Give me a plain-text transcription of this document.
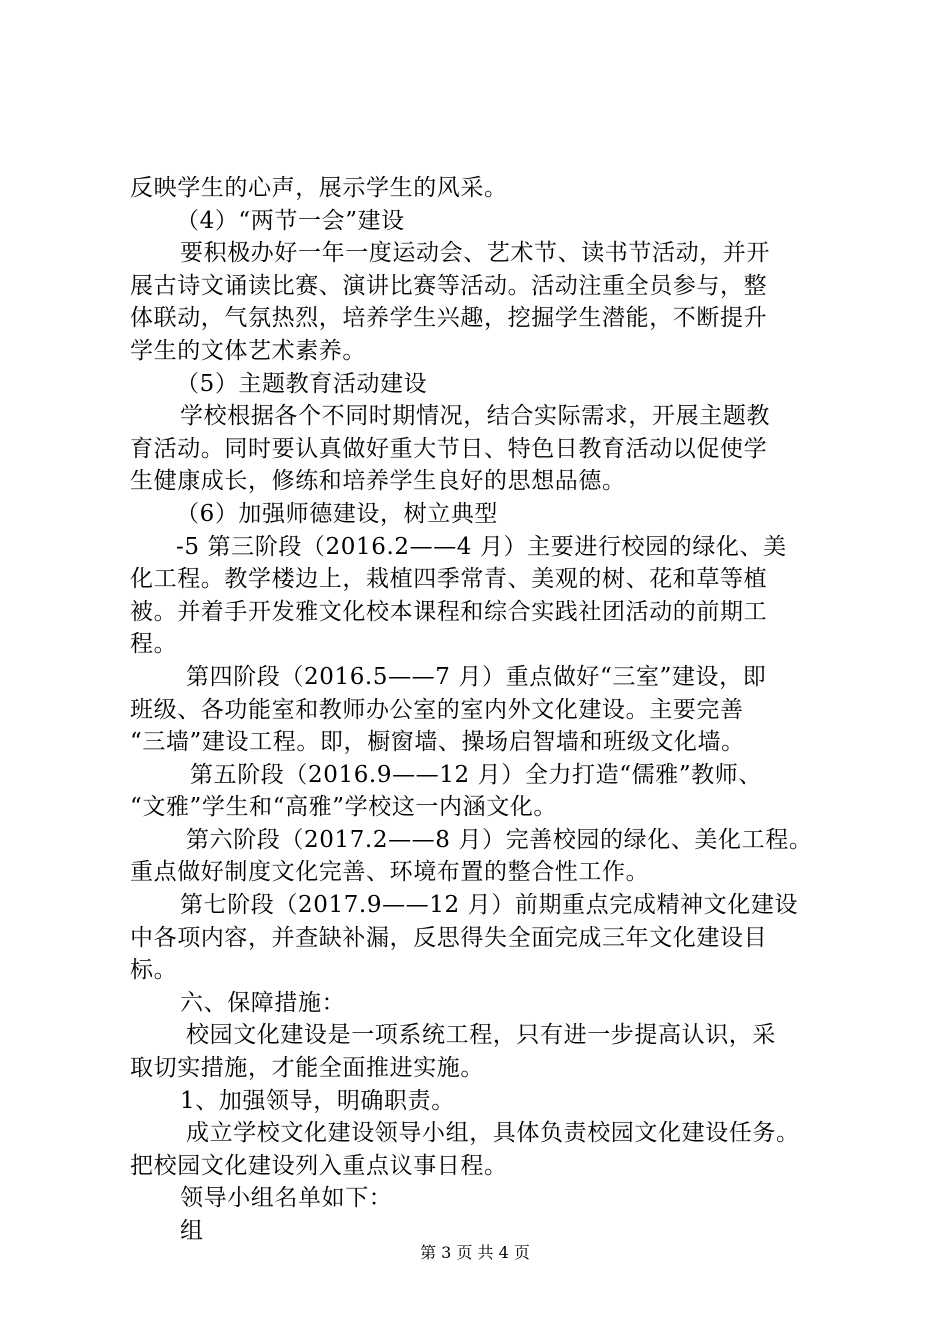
反映学生的心声，展示学生的风采。
（4）“两节一会”建设
要积极办好一年一度运动会、艺术节、读书节活动，并开
展古诗文诵读比赛、演讲比赛等活动。活动注重全员参与，整
体联动，气氛热烈，培养学生兴趣，挖掘学生潜能，不断提升
学生的文体艺术素养。
（5）主题教育活动建设
学校根据各个不同时期情况，结合实际需求，开展主题教
育活动。同时要认真做好重大节日、特色日教育活动以促使学
生健康成长，修练和培养学生良好的思想品德。
（6）加强师德建设，树立典型
-5 第三阶段（2016.2——4 月）主要进行校园的绿化、美
化工程。教学楼边上，栽植四季常青、美观的树、花和草等植
被。并着手开发雅文化校本课程和综合实践社团活动的前期工
程。
第四阶段（2016.5——7 月）重点做好“三室”建设，即
班级、各功能室和教师办公室的室内外文化建设。主要完善
“三墙”建设工程。即，橱窗墙、操场启智墙和班级文化墙。
第五阶段（2016.9——12 月）全力打造“儒雅”教师、
“文雅”学生和“高雅”学校这一内涵文化。
第六阶段（2017.2——8 月）完善校园的绿化、美化工程。
重点做好制度文化完善、环境布置的整合性工作。
第七阶段（2017.9——12 月）前期重点完成精神文化建设
中各项内容，并查缺补漏，反思得失全面完成三年文化建设目
标。
六、保障措施：
校园文化建设是一项系统工程，只有进一步提高认识，采
取切实措施，才能全面推进实施。
1、加强领导，明确职责。
成立学校文化建设领导小组，具体负责校园文化建设任务。
把校园文化建设列入重点议事日程。
领导小组名单如下：
组
第 3 页 共 4 页
